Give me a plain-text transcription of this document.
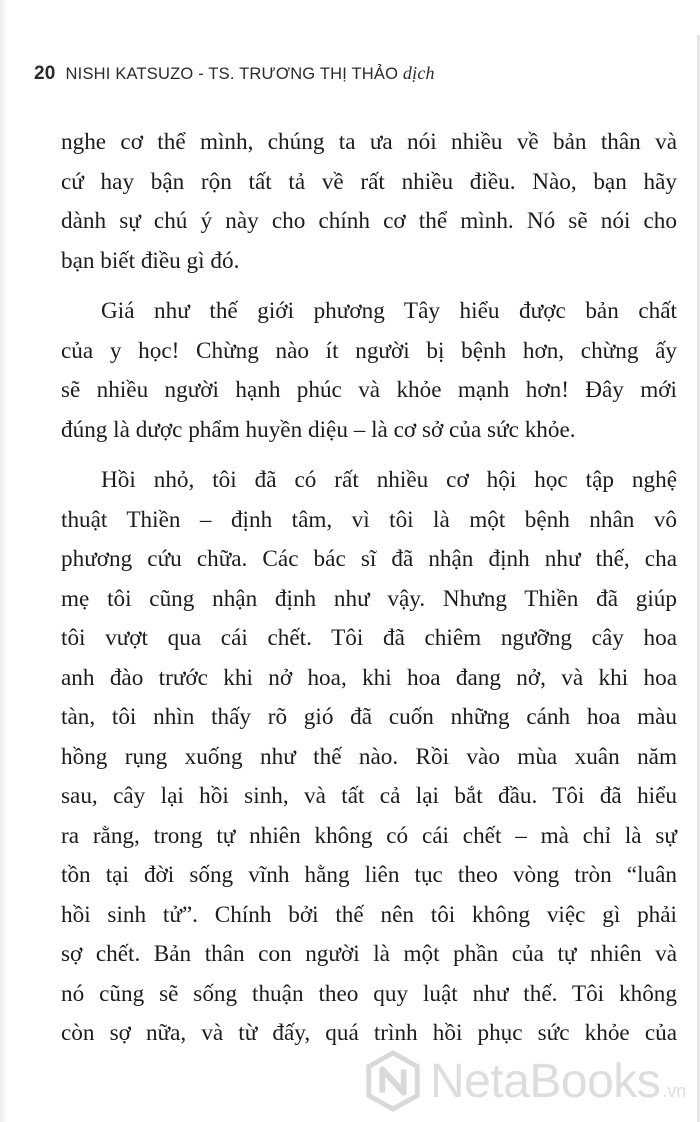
20 NISHI KATSUZO - TS. TRƯƠNG THỊ THẢO dịch
nghe cơ thể mình, chúng ta ưa nói nhiều về bản thân và
cứ hay bận rộn tất tả về rất nhiều điều. Nào, bạn hãy
dành sự chú ý này cho chính cơ thể mình. Nó sẽ nói cho
bạn biết điều gì đó.
Giá như thế giới phương Tây hiểu được bản chất
của y học! Chừng nào ít người bị bệnh hơn, chừng ấy
sẽ nhiều người hạnh phúc và khỏe mạnh hơn! Đây mới
đúng là dược phẩm huyền diệu – là cơ sở của sức khỏe.
Hồi nhỏ, tôi đã có rất nhiều cơ hội học tập nghệ
thuật Thiền – định tâm, vì tôi là một bệnh nhân vô
phương cứu chữa. Các bác sĩ đã nhận định như thế, cha
mẹ tôi cũng nhận định như vậy. Nhưng Thiền đã giúp
tôi vượt qua cái chết. Tôi đã chiêm ngưỡng cây hoa
anh đào trước khi nở hoa, khi hoa đang nở, và khi hoa
tàn, tôi nhìn thấy rõ gió đã cuốn những cánh hoa màu
hồng rụng xuống như thế nào. Rồi vào mùa xuân năm
sau, cây lại hồi sinh, và tất cả lại bắt đầu. Tôi đã hiểu
ra rằng, trong tự nhiên không có cái chết – mà chỉ là sự
tồn tại đời sống vĩnh hằng liên tục theo vòng tròn “luân
hồi sinh tử”. Chính bởi thế nên tôi không việc gì phải
sợ chết. Bản thân con người là một phần của tự nhiên và
nó cũng sẽ sống thuận theo quy luật như thế. Tôi không
còn sợ nữa, và từ đấy, quá trình hồi phục sức khỏe của
NetaBooks .vn
